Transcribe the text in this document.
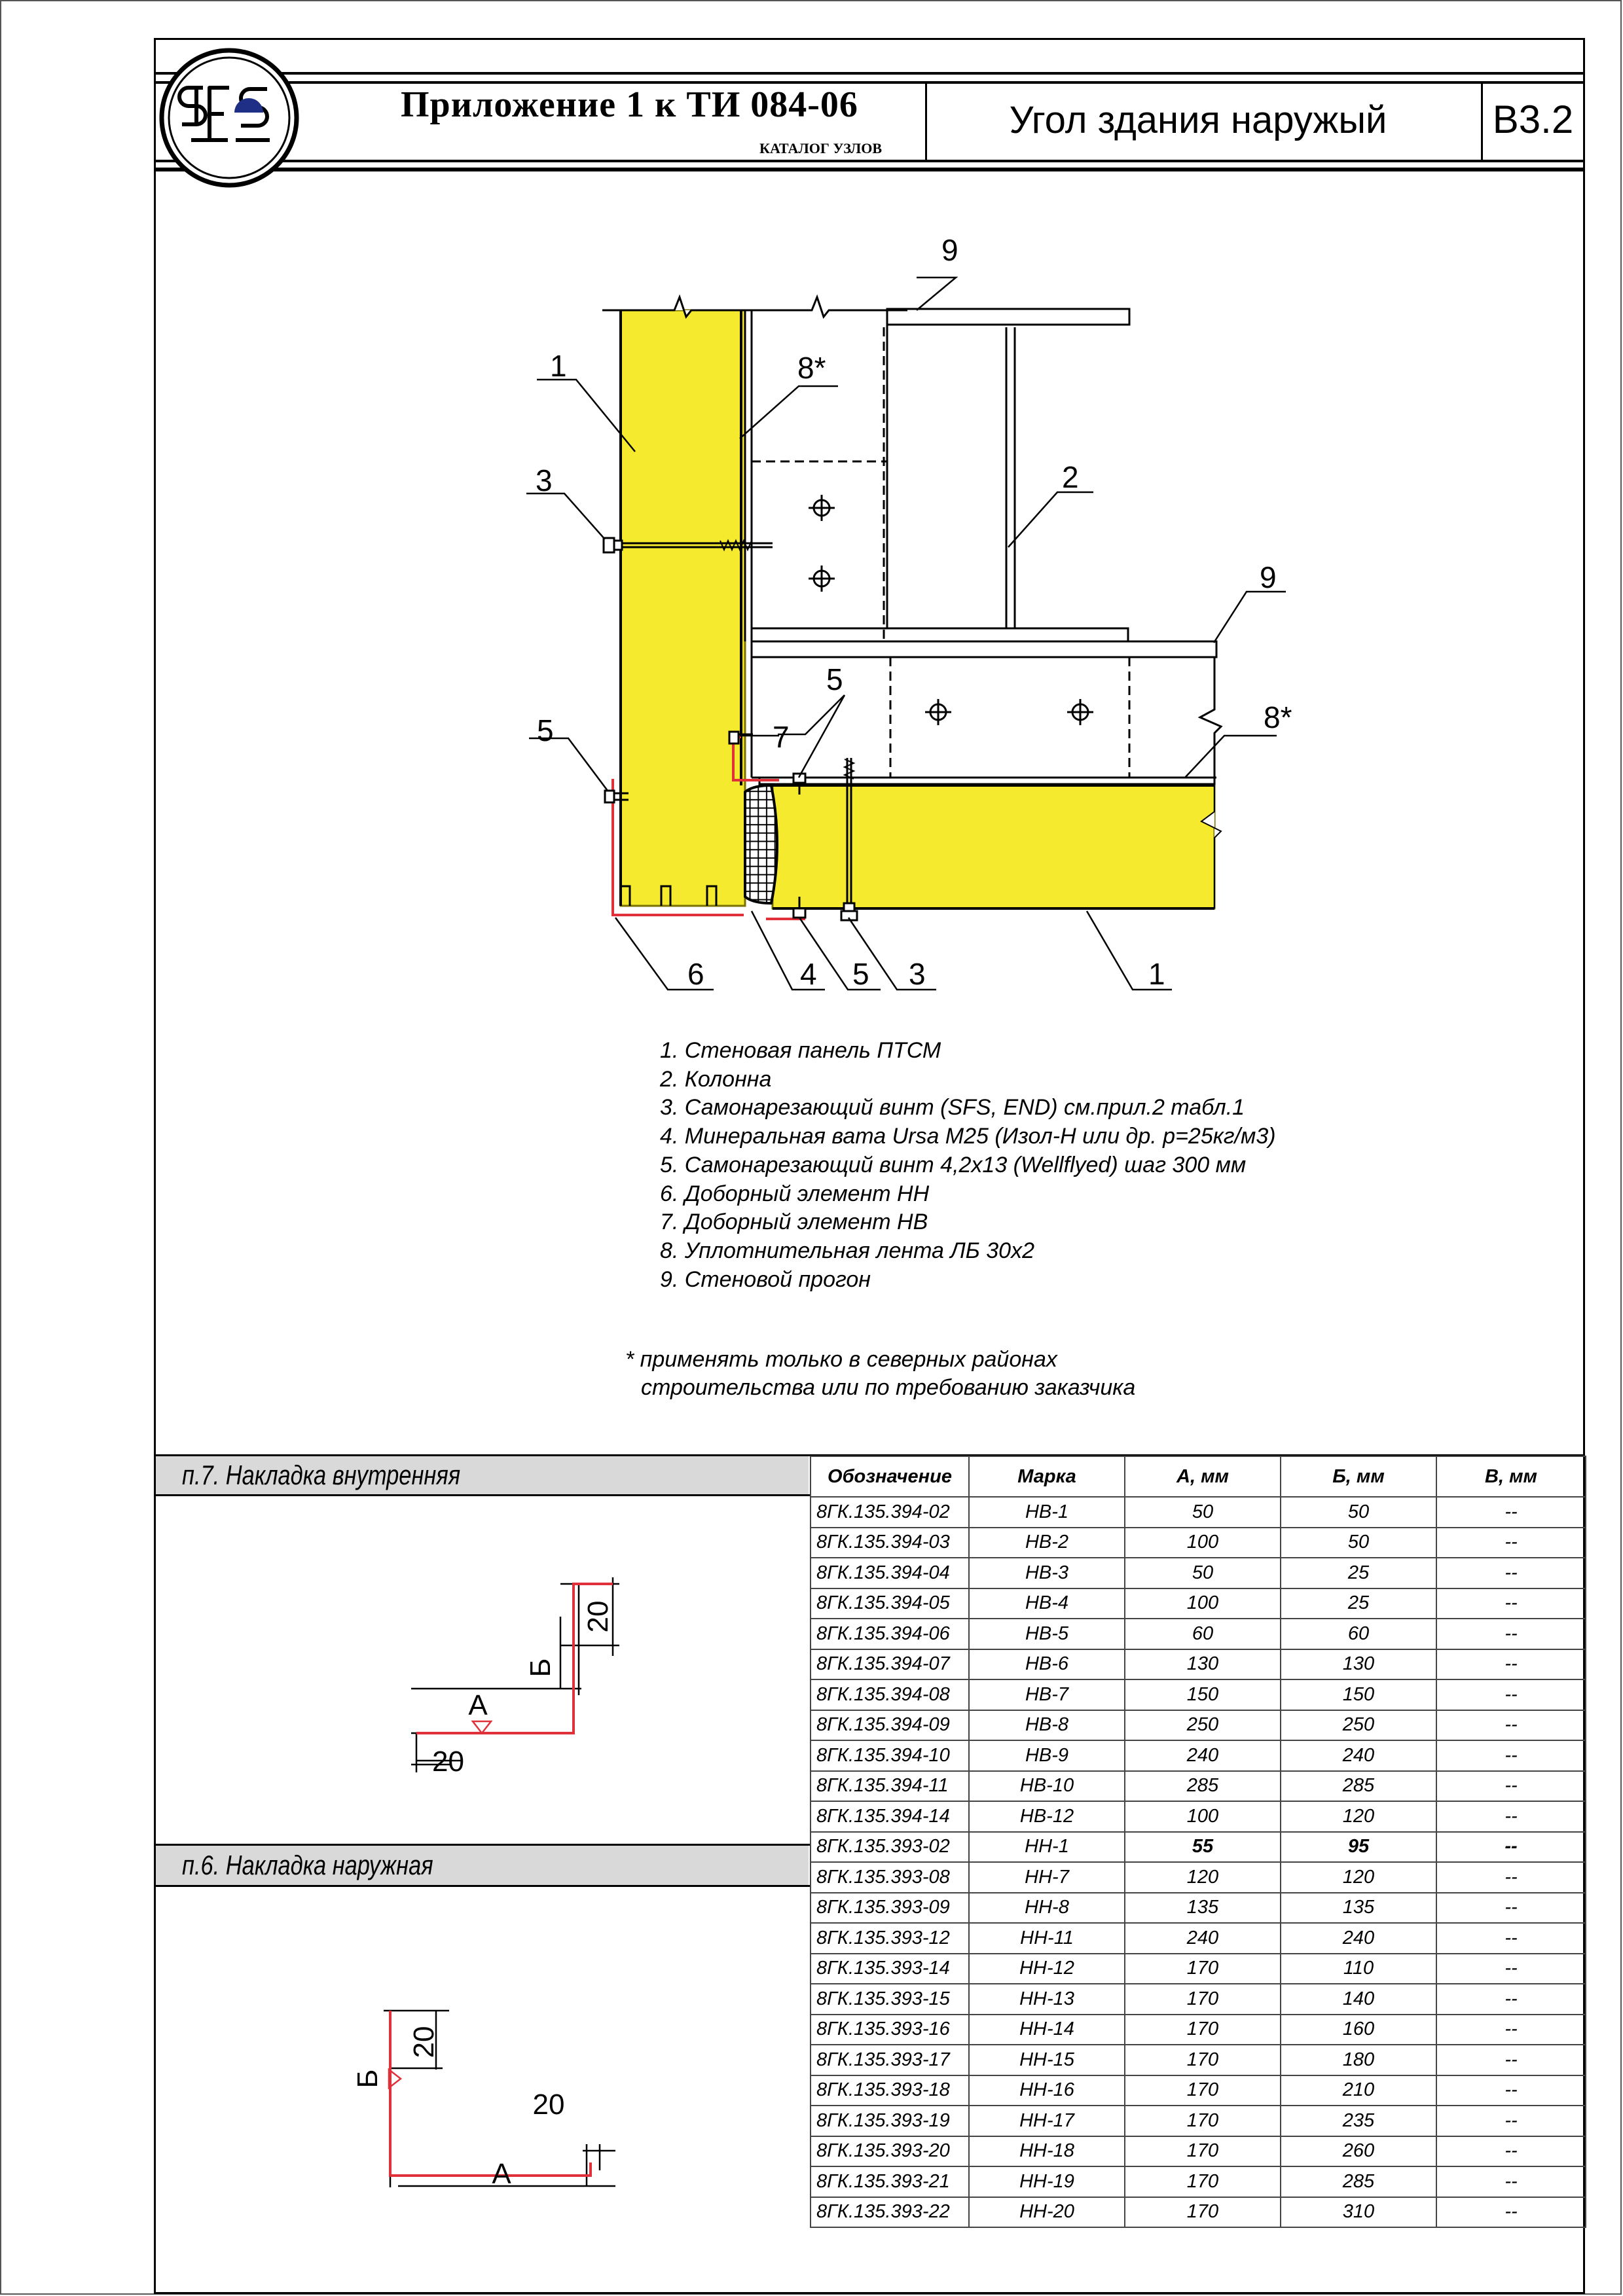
Приложение 1 к ТИ 084-06
КАТАЛОГ УЗЛОВ
Угол здания наружый	В3.2
1
3
8*
2
9
9
8*
5
7
5
6	4 5 3	1
1. Стеновая панель ПТСМ
2. Колонна
3. Самонарезающий винт (SFS, END) см.прил.2 табл.1
4. Минеральная вата Ursa M25 (Изол-Н или др. р=25кг/м3)
5. Самонарезающий винт 4,2х13 (Wellflyed) шаг 300 мм
6. Доборный элемент НН
7. Доборный элемент НВ
8. Уплотнительная лента ЛБ 30х2
9. Стеновой прогон
* применять только в северных районах
строительства или по требованию заказчика
п.7. Накладка внутренняя
п.6. Накладка наружная
А
20
Б
20
Б
20
20
А
Обозначение	Марка	А, мм	Б, мм	В, мм
8ГК.135.394-02	НВ-1	50	50	--
8ГК.135.394-03	НВ-2	100	50	--
8ГК.135.394-04	НВ-3	50	25	--
8ГК.135.394-05	НВ-4	100	25	--
8ГК.135.394-06	НВ-5	60	60	--
8ГК.135.394-07	НВ-6	130	130	--
8ГК.135.394-08	НВ-7	150	150	--
8ГК.135.394-09	НВ-8	250	250	--
8ГК.135.394-10	НВ-9	240	240	--
8ГК.135.394-11	НВ-10	285	285	--
8ГК.135.394-14	НВ-12	100	120	--
8ГК.135.393-02	НН-1	55	95	--
8ГК.135.393-08	НН-7	120	120	--
8ГК.135.393-09	НН-8	135	135	--
8ГК.135.393-12	НН-11	240	240	--
8ГК.135.393-14	НН-12	170	110	--
8ГК.135.393-15	НН-13	170	140	--
8ГК.135.393-16	НН-14	170	160	--
8ГК.135.393-17	НН-15	170	180	--
8ГК.135.393-18	НН-16	170	210	--
8ГК.135.393-19	НН-17	170	235	--
8ГК.135.393-20	НН-18	170	260	--
8ГК.135.393-21	НН-19	170	285	--
8ГК.135.393-22	НН-20	170	310	--
